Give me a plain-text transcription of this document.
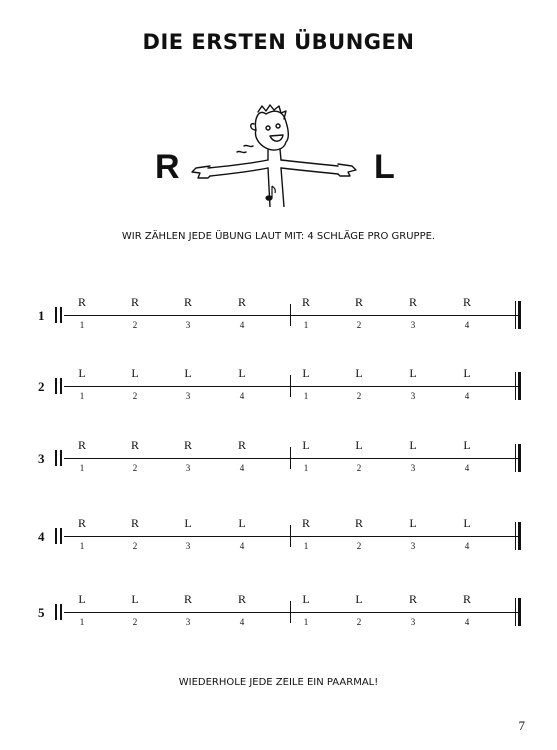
DIE ERSTEN ÜBUNGEN
R	L
WIR ZÄHLEN JEDE ÜBUNG LAUT MIT: 4 SCHLÄGE PRO GRUPPE.
1
R	R	R	R	R	R	R	R
1	2	3	4	1	2	3	4
2
L	L	L	L	L	L	L	L
1	2	3	4	1	2	3	4
3
R	R	R	R	L	L	L	L
1	2	3	4	1	2	3	4
4
R	R	L	L	R	R	L	L
1	2	3	4	1	2	3	4
5
L	L	R	R	L	L	R	R
1	2	3	4	1	2	3	4
WIEDERHOLE JEDE ZEILE EIN PAARMAL!
7
